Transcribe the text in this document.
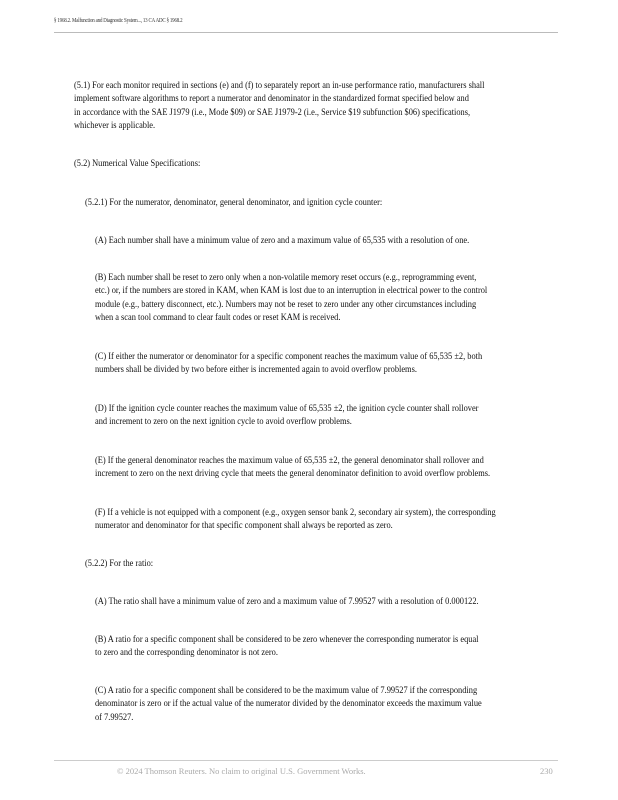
§ 1968.2. Malfunction and Diagnostic System..., 13 CA ADC § 1968.2

(5.1) For each monitor required in sections (e) and (f) to separately report an in-use performance ratio, manufacturers shall
implement software algorithms to report a numerator and denominator in the standardized format specified below and
in accordance with the SAE J1979 (i.e., Mode $09) or SAE J1979-2 (i.e., Service $19 subfunction $06) specifications,
whichever is applicable.

(5.2) Numerical Value Specifications:

(5.2.1) For the numerator, denominator, general denominator, and ignition cycle counter:

(A) Each number shall have a minimum value of zero and a maximum value of 65,535 with a resolution of one.

(B) Each number shall be reset to zero only when a non-volatile memory reset occurs (e.g., reprogramming event,
etc.) or, if the numbers are stored in KAM, when KAM is lost due to an interruption in electrical power to the control
module (e.g., battery disconnect, etc.). Numbers may not be reset to zero under any other circumstances including
when a scan tool command to clear fault codes or reset KAM is received.

(C) If either the numerator or denominator for a specific component reaches the maximum value of 65,535 ±2, both
numbers shall be divided by two before either is incremented again to avoid overflow problems.

(D) If the ignition cycle counter reaches the maximum value of 65,535 ±2, the ignition cycle counter shall rollover
and increment to zero on the next ignition cycle to avoid overflow problems.

(E) If the general denominator reaches the maximum value of 65,535 ±2, the general denominator shall rollover and
increment to zero on the next driving cycle that meets the general denominator definition to avoid overflow problems.

(F) If a vehicle is not equipped with a component (e.g., oxygen sensor bank 2, secondary air system), the corresponding
numerator and denominator for that specific component shall always be reported as zero.

(5.2.2) For the ratio:

(A) The ratio shall have a minimum value of zero and a maximum value of 7.99527 with a resolution of 0.000122.

(B) A ratio for a specific component shall be considered to be zero whenever the corresponding numerator is equal
to zero and the corresponding denominator is not zero.

(C) A ratio for a specific component shall be considered to be the maximum value of 7.99527 if the corresponding
denominator is zero or if the actual value of the numerator divided by the denominator exceeds the maximum value
of 7.99527.

© 2024 Thomson Reuters. No claim to original U.S. Government Works.	230
